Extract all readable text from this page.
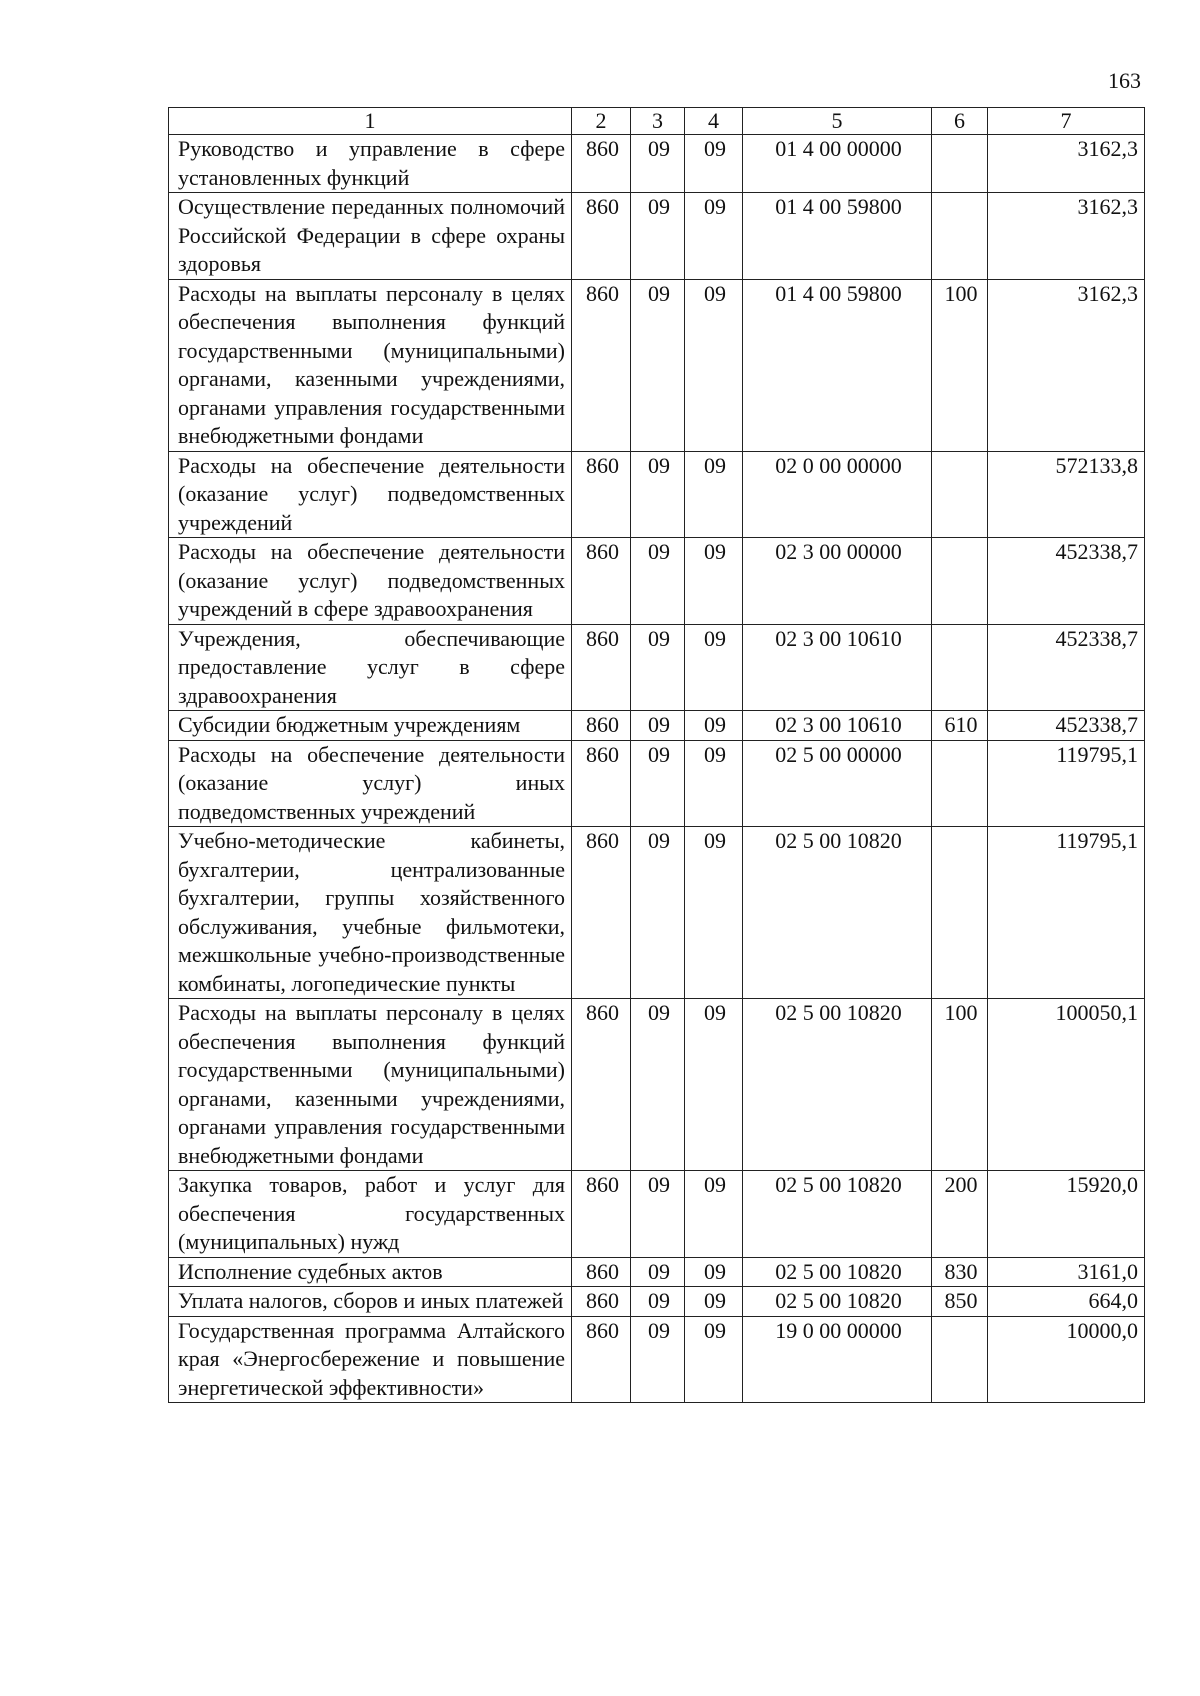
163
1	2	3	4	5	6	7
Руководство и управление в сфере установленных функций	860	09	09	01 4 00 00000		3162,3
Осуществление переданных полномочий Российской Федерации в сфере охраны здоровья	860	09	09	01 4 00 59800		3162,3
Расходы на выплаты персоналу в целях обеспечения выполнения функций государственными (муниципальными) органами, казенными учреждениями, органами управления государственными внебюджетными фондами	860	09	09	01 4 00 59800	100	3162,3
Расходы на обеспечение деятельности (оказание услуг) подведомственных учреждений	860	09	09	02 0 00 00000		572133,8
Расходы на обеспечение деятельности (оказание услуг) подведомственных учреждений в сфере здравоохранения	860	09	09	02 3 00 00000		452338,7
Учреждения, обеспечивающие предоставление услуг в сфере здравоохранения	860	09	09	02 3 00 10610		452338,7
Субсидии бюджетным учреждениям	860	09	09	02 3 00 10610	610	452338,7
Расходы на обеспечение деятельности (оказание услуг) иных подведомственных учреждений	860	09	09	02 5 00 00000		119795,1
Учебно-методические кабинеты, бухгалтерии, централизованные бухгалтерии, группы хозяйственного обслуживания, учебные фильмотеки, межшкольные учебно-производственные комбинаты, логопедические пункты	860	09	09	02 5 00 10820		119795,1
Расходы на выплаты персоналу в целях обеспечения выполнения функций государственными (муниципальными) органами, казенными учреждениями, органами управления государственными внебюджетными фондами	860	09	09	02 5 00 10820	100	100050,1
Закупка товаров, работ и услуг для обеспечения государственных (муниципальных) нужд	860	09	09	02 5 00 10820	200	15920,0
Исполнение судебных актов	860	09	09	02 5 00 10820	830	3161,0
Уплата налогов, сборов и иных платежей	860	09	09	02 5 00 10820	850	664,0
Государственная программа Алтайского края «Энергосбережение и повышение энергетической эффективности»	860	09	09	19 0 00 00000		10000,0
